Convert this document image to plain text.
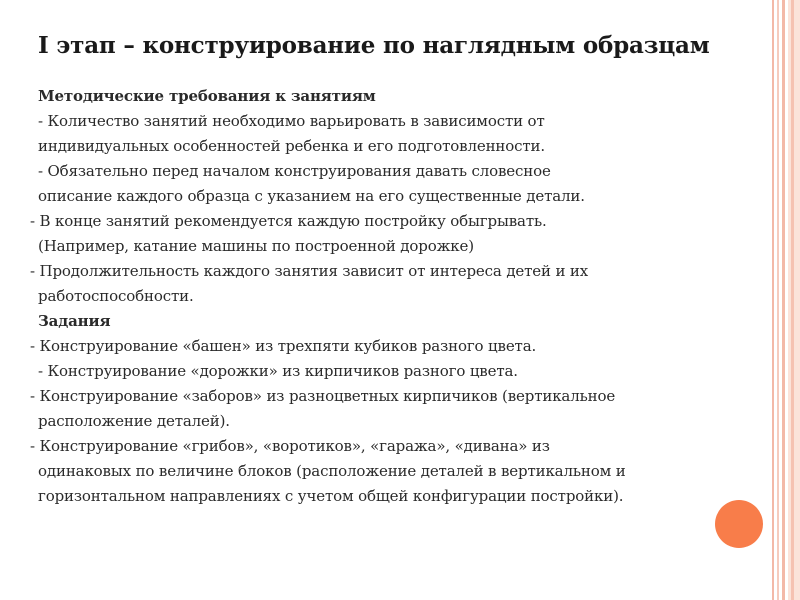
I этап – конструирование по наглядным образцам
Методические требования к занятиям
- Количество занятий необходимо варьировать в зависимости от
индивидуальных особенностей ребенка и его подготовленности.
- Обязательно перед началом конструирования давать словесное
описание каждого образца с указанием на его существенные детали.
- В конце занятий рекомендуется каждую постройку обыгрывать.
(Например, катание машины по построенной дорожке)
- Продолжительность каждого занятия зависит от интереса детей и их
работоспособности.
Задания
- Конструирование «башен» из трехпяти кубиков разного цвета.
- Конструирование «дорожки» из кирпичиков разного цвета.
- Конструирование «заборов» из разноцветных кирпичиков (вертикальное
расположение деталей).
- Конструирование «грибов», «воротиков», «гаража», «дивана» из
одинаковых по величине блоков (расположение деталей в вертикальном и
горизонтальном направлениях с учетом общей конфигурации постройки).
